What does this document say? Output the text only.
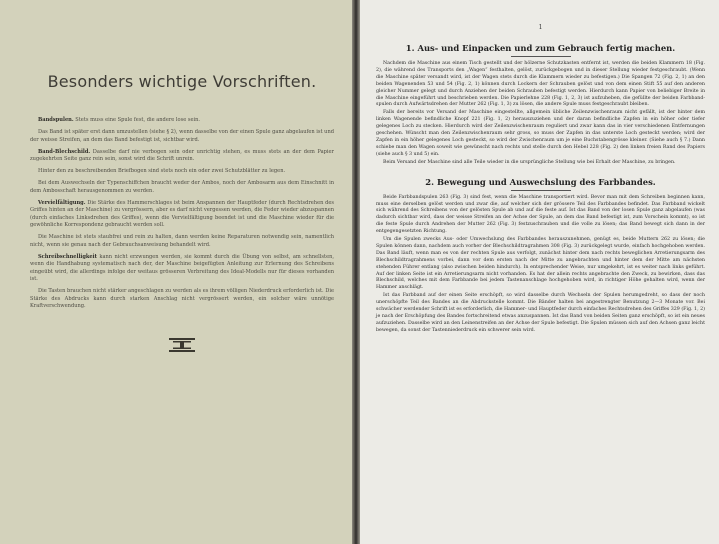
Besonders wichtige Vorschriften.

Bandspulen. Stets muss eine Spule fest, die andere lose sein.

Das Band ist später erst dann umzustellen (siehe § 2), wenn dasselbe von der einen Spule ganz abgelaufen ist und der weisse Streifen, an dem das Band befestigt ist, sichtbar wird.

Band-Blechschild. Dasselbe darf nie verbogen sein oder unrichtig stehen, es muss stets an der dem Papier zugekehrten Seite ganz rein sein, sonst wird die Schrift unrein.

Hinter den zu beschreibenden Briefbogen sind stets noch ein oder zwei Schutzblätter zu legen.

Bei dem Auswechseln der Typenschiffchen braucht weder der Ambos, noch der Ambosarm aus dem Einschnitt in dem Ambosschaft herausgenommen zu werden.

Vervielfältigung. Die Stärke des Hammerschlages ist beim Anspannen der Hauptfeder (durch Rechtsdrehen des Griffes hinten an der Maschine) zu vergrössern, aber es darf nicht vergessen werden, die Feder wieder abzuspannen (durch einfaches Linksdrehen des Griffes), wenn die Vervielfältigung beendet ist und die Maschine wieder für die gewöhnliche Korrespondenz gebraucht werden soll.

Die Maschine ist stets staubfrei und rein zu halten, dann werden keine Reparaturen notwendig sein, namentlich nicht, wenn sie genau nach der Gebrauchsanweisung behandelt wird.

Schreibschnelligkeit kann nicht erzwungen werden, sie kommt durch die Übung von selbst, am schnellsten, wenn die Handhabung systematisch nach der, der Maschine beigefügten Anleitung zur Erlernung des Schreibens eingeübt wird, die allerdings infolge der weitaus grösseren Verbreitung des Ideal-Modells nur für dieses vorhanden ist.

Die Tasten brauchen nicht stärker angeschlagen zu werden als es ihrem völligen Niederdruck erforderlich ist. Die Stärke des Abdrucks kann durch starken Anschlag nicht vergrössert werden, ein solcher wäre unnötige Kraftverschwendung.

1
1. Aus- und Einpacken und zum Gebrauch fertig machen.

Nachdem die Maschine aus einem Tisch gestellt und der hölzerne Schutzkasten entfernt ist, werden die beiden Klammern 18 (Fig. 2), die während des Transports den „Wagen“ festhalten, gelöst, zurückgebogen und in dieser Stellung wieder festgeschraubt. (Wenn die Maschine später versandt wird, ist der Wagen stets durch die Klammern wieder zu befestigen.) Die Spangen 72 (Fig. 2, 1) an den beiden Wagenenden 53 und 54 (Fig. 2, 1) können durch Lockern der Schrauben gelöst und von dem einen Stift 55 auf den anderen gleicher Nummer gelegt und durch Anziehen der beiden Schrauben befestigt werden. Hierdurch kann Papier von beliebiger Breite in die Maschine eingeführt und beschrieben werden. Die Papierlehne 228 (Fig. 1, 2, 3) ist aufzuheben, die gefüllte der beiden Farbband-spulen durch Aufwärtsdrehen der Mutter 262 (Fig. 1, 3) zu lösen, die andere Spule muss festgeschraubt bleiben.

Falls der bereits vor Versand der Maschine eingestellte, allgemein übliche Zeilenzwischenraum nicht gefällt, ist der hinter dem linken Wagenende befindliche Knopf 221 (Fig. 1, 2) herauszuziehen und der daran befindliche Zapfen in ein höher oder tiefer gelegenes Loch zu stecken. Hierdurch wird der Zeilenzwischenraum reguliert und zwar kann das in vier verschiedenen Entfernungen geschehen. Wünscht man den Zeilenzwischenraum sehr gross, so muss der Zapfen in das unterste Loch gesteckt werden; wird der Zapfen in ein höher gelegenes Loch gesteckt, so wird der Zwischenraum um je eine Buchstabengrösse kleiner. (Siehe auch § 7.) Dann schiebe man den Wagen soweit wie gewünscht nach rechts und stelle durch den Hebel 228 (Fig. 2) den linken freien Rand des Papiers (siehe auch § 3 und 5) ein.

Beim Versand der Maschine sind alle Teile wieder in die ursprüngliche Stellung wie bei Erhalt der Maschine, zu bringen.

2. Bewegung und Auswechslung des Farbbandes.

Beide Farbbandspulen 263 (Fig. 3) sind fest, wenn die Maschine transportiert wird. Bevor man mit dem Schreiben beginnen kann, muss eine derselben gelöst werden und zwar die, auf welcher sich der grössere Teil des Farbbandes befindet. Das Farbband wickelt sich während des Schreibens von der gelösten Spule ab und auf die feste auf. Ist das Band von der losen Spule ganz abgelaufen (was dadurch sichtbar wird, dass der weisse Streifen an der Achse der Spule, an dem das Band befestigt ist, zum Vorschein kommt), so ist die feste Spule durch Andrehen der Mutter 262 (Fig. 3) festzuschrauben und die volle zu lösen; das Band bewegt sich dann in der entgegengesetzten Richtung.

Um die Spulen zwecks Aus- oder Umwechslung des Farbbandes herauszunehmen, genügt es, beide Muttern 262 zu lösen; die Spulen können dann, nachdem auch vorher der Blechschildtragrahmen 308 (Fig. 3) zurückgelegt wurde, einfach hochgehoben werden. Das Band läuft, wenn man es von der rechten Spule aus verfolgt, zunächst hinter dem nach rechts beweglichen Arretierungsarm des Blechschildtragrahmens vorbei, dann vor dem ersten nach der Mitte zu angebrachten und hinter dem der Mitte am nächsten stehenden Führer entlang (also zwischen beiden hindurch). In entsprechender Weise, nur umgekehrt, ist es weiter nach links geführt. Auf der linken Seite ist ein Arretierungsarm nicht vorhanden. Es hat der allein rechts angebrachte den Zweck, zu bewirken, dass das Blechschild, welches mit dem Farbbande bei jedem Tastenanschlage hochgehoben wird, in richtiger Höhe gehalten wird, wenn der Hammer anschlägt.

Ist das Farbband auf der einen Seite erschöpft, so wird dasselbe durch Wechseln der Spulen herumgedreht, so dass der noch unerschöpfte Teil des Bandes an die Abdruckstelle kommt. Die Bänder halten bei angestrengter Benutzung 2—3 Monate vor. Bei schwächer werdender Schrift ist es erforderlich, die Hammer- und Hauptfeder durch einfaches Rechtsdrehen des Griffes 329 (Fig. 1, 2) je nach der Erschöpfung des Bandes fortschreitend etwas anzuspannen. Ist das Band von beiden Seiten ganz erschöpft, so ist ein neues aufzuziehen. Dasselbe wird an den Leinenstreifen an der Achse der Spule befestigt. Die Spulen müssen sich auf den Achsen ganz leicht bewegen, da sonst der Tastenniederdruck ein schwerer sein wird.
